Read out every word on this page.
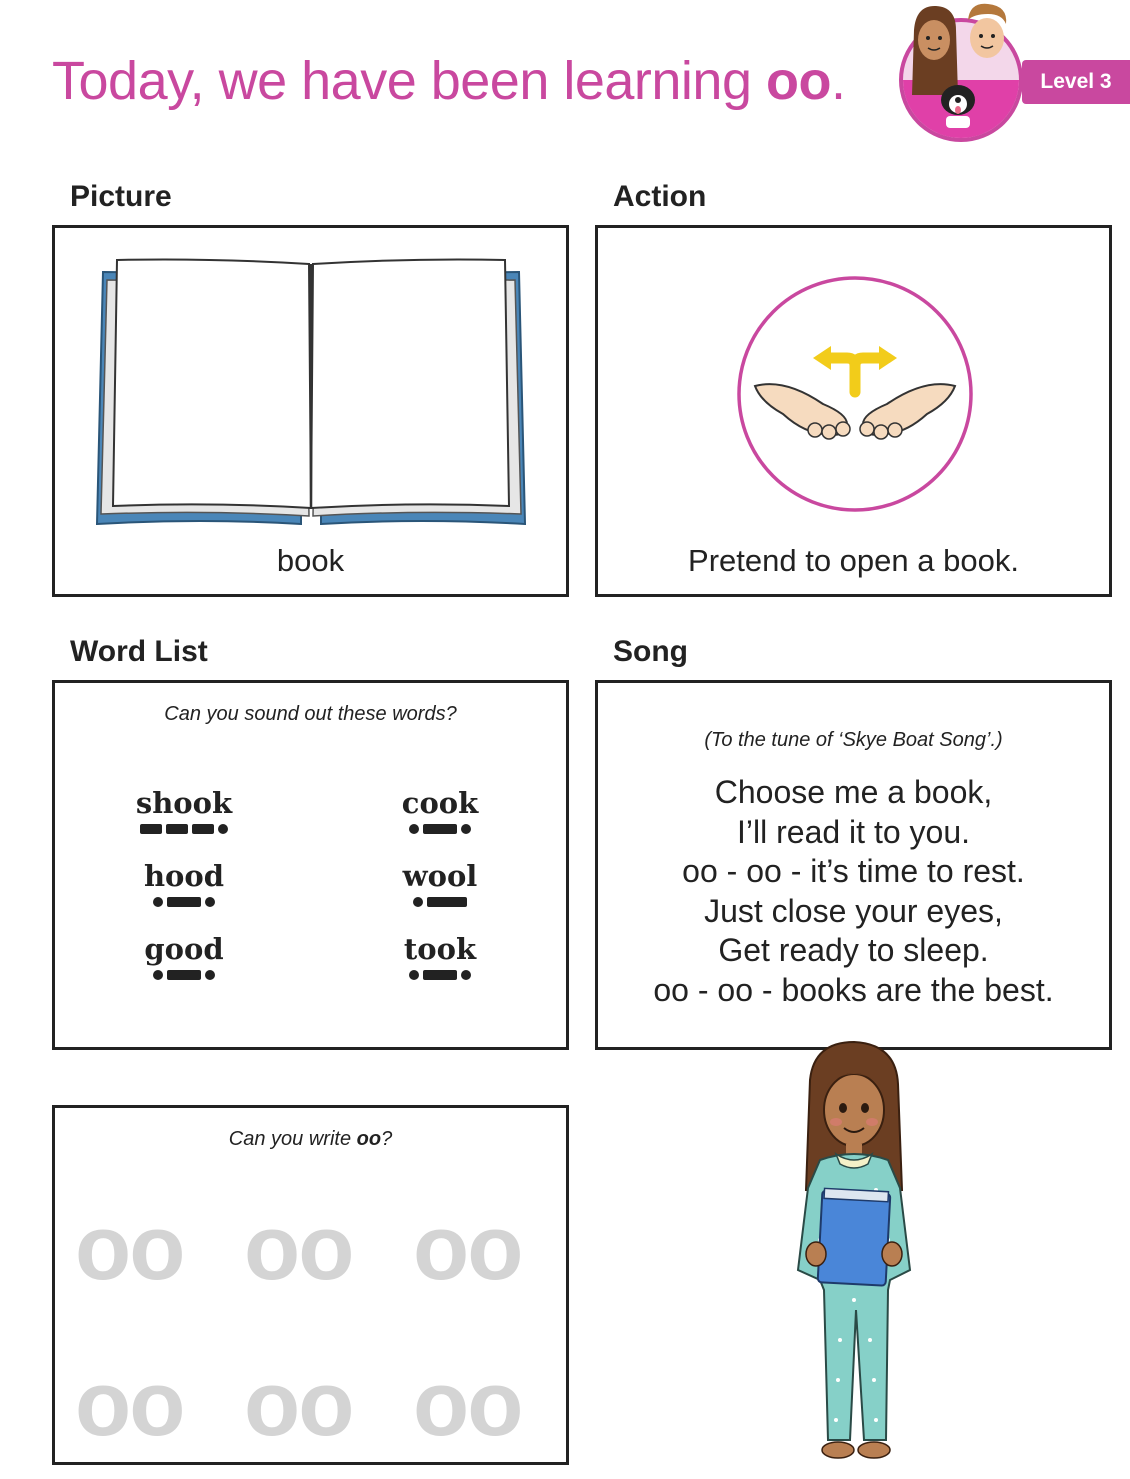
Today, we have been learning oo.	Level 3
Picture
book
Action
Pretend to open a book.
Word List
Can you sound out these words?
shook	cook
hood	wool
good	took
Song
(To the tune of ‘Skye Boat Song’.)
Choose me a book,
I’ll read it to you.
oo - oo - it’s time to rest.
Just close your eyes,
Get ready to sleep.
oo - oo - books are the best.
Can you write oo?
oo oo oo
oo oo oo
